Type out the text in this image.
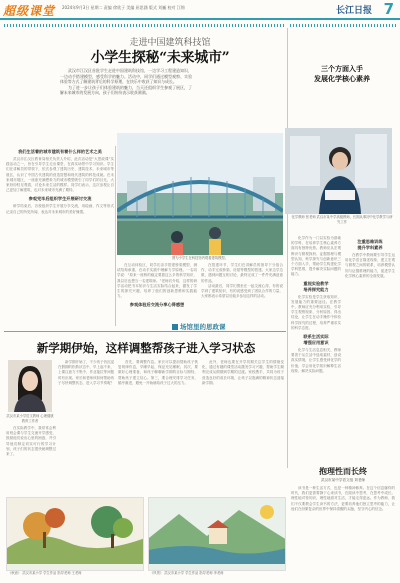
超级课堂 2024年9月3日 星期二 责编 徐欣子 美编 屈思涵 版式 刘巍 校对 江锦	长江日报 7
走进中国建筑科技馆
小学生探秘“未来城市”

武汉市江汉区首批学生走进中国建筑科技馆，一边学习工程建造知识，一边动手搭建模型，感受科学的魅力。活动中，同学们通过模型观察、实验体验等方式了解建筑背后的科学原理，在快乐中收获了知识与成长。

为了进一步让孩子们体验建筑的魅力，当天还组织学生参观了展区，了解未来城市的发展方向，孩子们纷纷表示收获满满。

我们生活着的城市建筑有着什么样的艺术之美

武汉市江汉区教育局相关负责人介绍，此次活动是“大思政课”实践活动之一，旨在引导学生走出课堂，在真实场景中学习知识。学生们在讲解员的带领下，依次参观了建筑历史、建筑技术、未来城市等展区，认识了中国古代建筑的营造智慧和现代建筑的科技成就。在未来城市展区，一座座充满想象力的城市模型吸引了同学们的目光，大家纷纷驻足观看，讨论未来生活的模样。同学们表示，这次参观让自己更加了解建筑，也对未来城市充满了期待。

参观完毕后组织学生开展研讨交流

研学结束后，各校组织学生开展分享交流，用绘画、作文等形式记录自己的所见所闻，表达对未来城市的美好憧憬。

图为小学生在科技馆内观看建筑模型。

在互动体验区，同学们亲手搭建桥梁模型，测试结构承重，在动手实践中理解力学原理。一名同学说：“原来一座桥的稳定要靠这么多的科学知识，我以后也想当一名建筑师。”老师们介绍，这样的研学活动把书本知识与生活实际结合起来，激发了学生的探究兴趣，培养了他们的创新思维和实践能力。

参观体验后交流分享心得感想

在搭建环节，学生们在讲解员的指导下分组合作，动手完成桥梁、房屋等模型的搭建。大家边学边做，遇到问题互相讨论，最终完成了一件件充满创意的作品。

活动最后，同学们围坐在一起交流心得，有的说学到了建筑知识，有的说感受到了团队合作的力量，大家都表示希望以后能多参加这样的活动。

场馆里的思政课
三个方面入手
发展化学核心素养

化学教师 张老师 武汉市某中学高级教师，长期从事初中化学教学与研究工作

化学作为一门以实验为基础的学科，在培养学生核心素养方面具有独特优势。教师应从宏观辨识与微观探析、证据推理与模型认知、科学探究与创新意识三个方面入手，帮助学生构建化学学科思维，提升解决实际问题的能力。

重视实验教学
培养探究能力

化学实验是学生获取知识、发展能力的重要途径。在教学中，教师应充分利用实验，引导学生观察现象、分析原因、得出结论，让学生在动手操作中体验科学探究的过程，培养严谨求实的科学态度。

联系生活实际
增强应用意识

化学与生活息息相关，教师要善于从生活中选取素材，创设真实情境，让学生感受到化学的价值，学会用化学知识解释生活现象、解决实际问题。

注重思维训练
提升学科素养

在教学中教师要引导学生运用化学语言描述现象，建立宏观与微观之间的联系，培养模型认知与证据推理的能力，促进学生化学核心素养的全面发展。

新学期伊始，这样调整帮孩子进入学习状态

武汉市某小学语文教师 心理健康教育工作者

在实际教学中，我常常会利用班会课与学生交流开学感受，鼓励他们说出心里的困惑，并引导他们制定切实可行的学习计划，孩子们的状态很快就调整过来了。

新学期开始了，不少孩子仍沉浸在假期的松散状态中，早上起不来、上课注意力不集中、作业拖拉等问题时有出现。家长和老师该如何帮助孩子尽快调整状态、进入学习节奏呢？

首先，要调整作息。家长可以提前帮助孩子恢复规律作息，早睡早起，保证充足睡眠。其次，要做好心理准备，和孩子聊聊新学期的目标与期待，帮助孩子建立信心。第三，要合理安排学习任务，循序渐进，避免一开始就给孩子过大的压力。

此外，老师也要在开学初期关注学生的情绪变化，通过有趣的课堂活动激发学习兴趣，帮助学生顺利完成从假期到学期的过渡。家校携手，共同为孩子营造良好的成长环境，让孩子以饱满的精神状态迎接新学期。

《秋意》 武汉市某小学 学生作品 指导老师 王老师	《风景》 武汉市某小学 学生作品 指导老师 李老师

抱理性而长终
武汉市某中学语文组 刘老师

读书是一种生活方式，也是一种精神修养。在这个信息爆炸的时代，我们更需要静下心来读书，在阅读中思考，在思考中成长。理性地对待知识，理性地面对生活，才能走得更远。作为教师，我们不仅要教会学生读书的方法，更要培养他们独立思考的能力，让他们在纷繁复杂的世界中保持清醒的头脑，坚守内心的信念。
